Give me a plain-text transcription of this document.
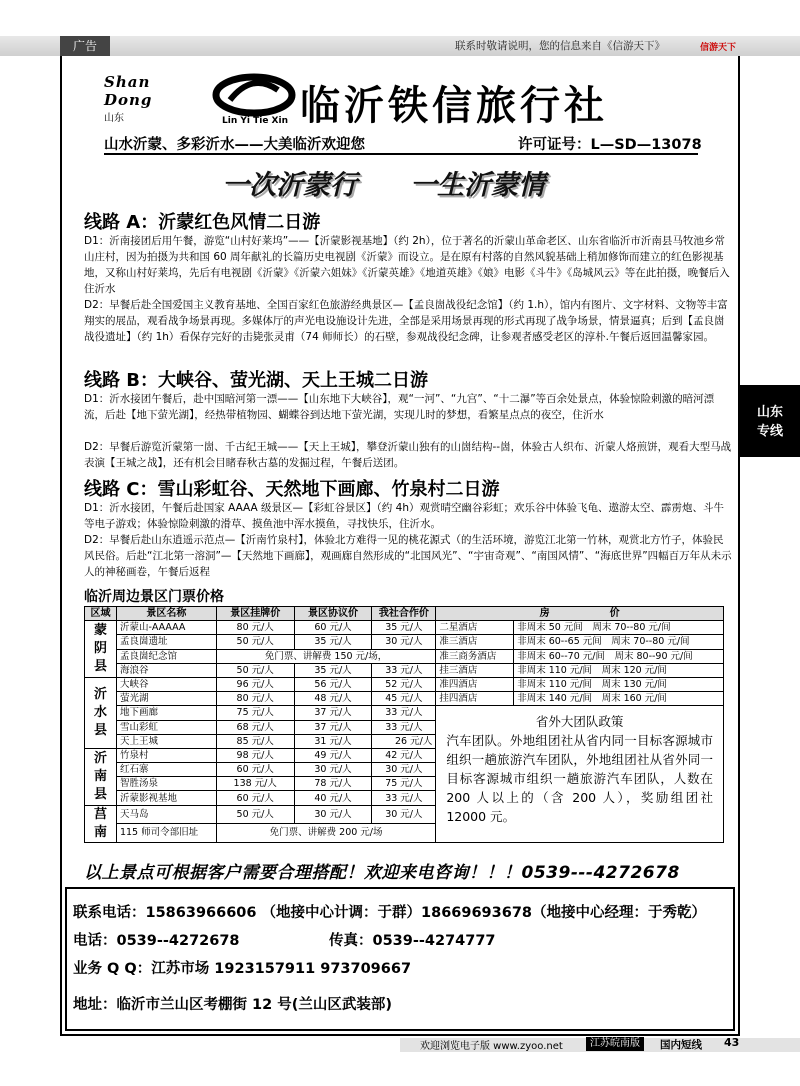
广告	联系时敬请说明，您的信息来自《信游天下》	信游天下
Shan Dong
山东	Lin Yi Tie Xin 临沂铁信旅行社
山水沂蒙、多彩沂水——大美临沂欢迎您	许可证号：L—SD—13078
一次沂蒙行 一生沂蒙情
线路 A：沂蒙红色风情二日游
D1：沂南接团后用午餐，游览“山村好莱坞”——【沂蒙影视基地】（约 2h），位于著名的沂蒙山革命老区、山东省临沂市沂南县马牧池乡常山庄村，因为拍摄为共和国 60 周年献礼的长篇历史电视剧《沂蒙》而设立。是在原有村落的自然风貌基础上稍加修饰而建立的红色影视基地，又称山村好莱坞，先后有电视剧《沂蒙》《沂蒙六姐妹》《沂蒙英雄》《地道英雄》《娘》电影《斗牛》《岛城风云》等在此拍摄，晚餐后入住沂水
D2：早餐后赴全国爱国主义教育基地、全国百家红色旅游经典景区—【孟良崮战役纪念馆】（约 1.h），馆内有图片、文字材料、文物等丰富翔实的展品，观看战争场景再现。多媒体厅的声光电设施设计先进，全部是采用场景再现的形式再现了战争场景，情景逼真；后到【孟良崮战役遗址】（约 1h）看保存完好的击毙张灵甫（74 师师长）的石壁，参观战役纪念碑，让参观者感受老区的淳朴.午餐后返回温馨家园。
线路 B：大峡谷、萤光湖、天上王城二日游
D1：沂水接团午餐后，赴中国暗河第一漂——【山东地下大峡谷】，观“一河”、“九宫”、“十二瀑”等百余处景点，体验惊险刺激的暗河漂流，后赴【地下萤光湖】，经热带植物园、蝴蝶谷到达地下萤光湖，实现儿时的梦想，看繁星点点的夜空，住沂水
D2：早餐后游览沂蒙第一崮、千古纪王城——【天上王城】，攀登沂蒙山独有的山崮结构--崮，体验古人织布、沂蒙人烙煎饼，观看大型马战表演【王城之战】，还有机会目睹春秋古墓的发掘过程，午餐后送团。
线路 C：雪山彩虹谷、天然地下画廊、竹泉村二日游
D1：沂水接团，午餐后赴国家 AAAA 级景区—【彩虹谷景区】（约 4h）观赏晴空幽谷彩虹；欢乐谷中体验飞龟、遨游太空、霹雳炮、斗牛等电子游戏；体验惊险刺激的滑草、摸鱼池中浑水摸鱼，寻找快乐，住沂水。
D2：早餐后赴山东逍遥示范点—【沂南竹泉村】，体验北方难得一见的桃花源式（的生活环境，游览江北第一竹林，观赏北方竹子，体验民风民俗。后赴“江北第一溶洞”—【天然地下画廊】，观画廊自然形成的“北国风光”、“宇宙奇观”、“南国风情”、“海底世界”四幅百万年从未示人的神秘画卷，午餐后返程
山东
专线
临沂周边景区门票价格
区域	景区名称	景区挂牌价	景区协议价	我社合作价	房       价	
蒙阴县	沂蒙山-AAAAA	80 元/人	60 元/人	35 元/人	二星酒店	非周末 50 元间  周末 70--80 元/间
	孟良崮遗址	50 元/人	35 元/人	30 元/人	准三酒店	非周末 60--65 元间  周末 70--80 元/间
	孟良崮纪念馆	免门票、讲解费 150 元/场，			准三商务酒店	非周末 60--70 元/间  周末 80--90 元/间
	海浪谷	50 元/人	35 元/人	33 元/人	挂三酒店	非周末 110 元/间  周末 120 元/间
沂水县	大峡谷	96 元/人	56 元/人	52 元/人	准四酒店	非周末 110 元/间  周末 130 元/间
	萤光湖	80 元/人	48 元/人	45 元/人	挂四酒店	非周末 140 元/间  周末 160 元/间
	地下画廊	75 元/人	37 元/人	33 元/人	省外大团队政策
汽车团队。外地组团社从省内同一目标客源城市组织一趟旅游汽车团队，外地组团社从省外同一目标客源城市组织一趟旅游汽车团队，人数在 200 人以上的（含 200 人），奖励组团社 12000 元。	

	雪山彩虹	68 元/人	37 元/人	33 元/人		
	天上王城	85 元/人	31 元/人	26 元/人		
沂南县	竹泉村	98 元/人	49 元/人	42 元/人		
	红石寨	60 元/人	30 元/人	30 元/人		
	智胜汤泉	138 元/人	78 元/人	75 元/人		
	沂蒙影视基地	60 元/人	40 元/人	33 元/人		
莒南	天马岛	50 元/人	30 元/人	30 元/人		
	115 师司令部旧址	免门票、讲解费 200 元/场				
以上景点可根据客户需要合理搭配！欢迎来电咨询！！！0539---4272678
联系电话：15863966606 （地接中心计调：于群）18669693678（地接中心经理：于秀乾）
电话：0539--4272678	传真：0539--4274777
业务 Q Q：江苏市场 1923157911 973709667
地址：临沂市兰山区考棚街 12 号(兰山区武装部)
欢迎浏览电子版 www.zyoo.net	江苏皖南版	国内短线 43
